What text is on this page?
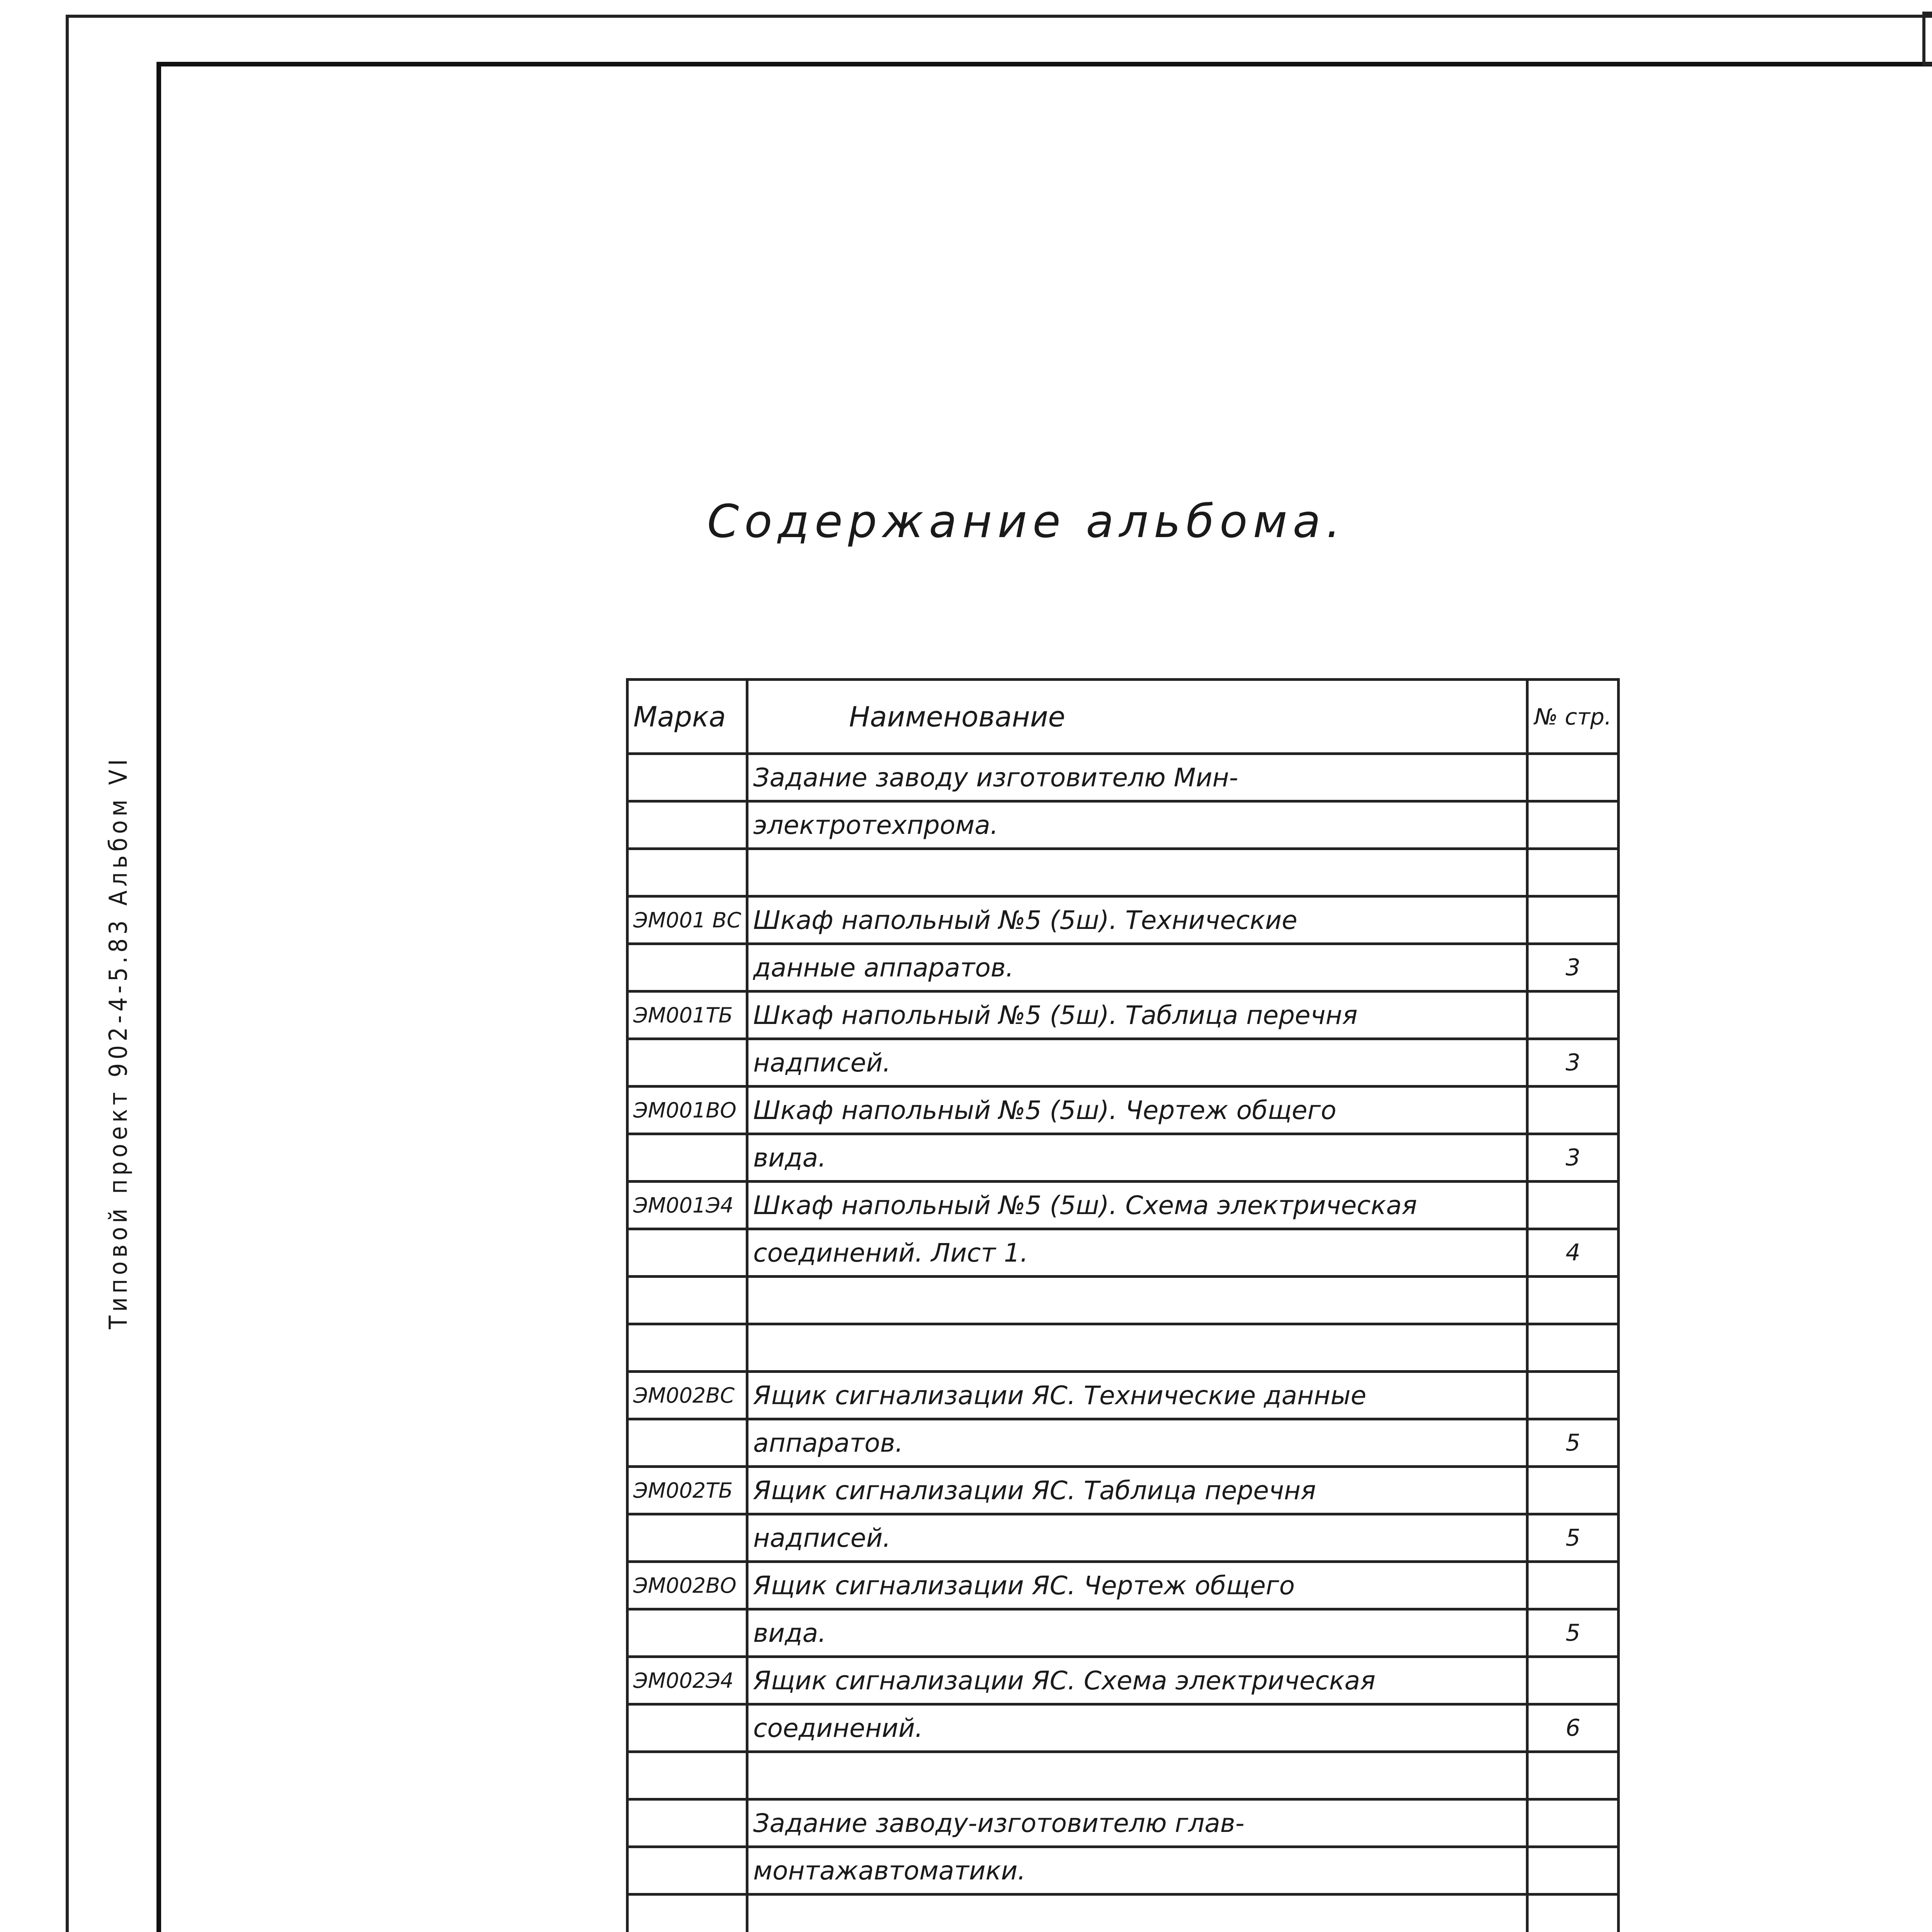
Типовой проект 902-4-5.83 Альбом VI
Содержание альбома.
Марка	Наименование	№ стр.
	Задание заводу изготовителю Мин-	
	электротехпрома.	

ЭМ001 ВС	Шкаф напольный №5 (5ш). Технические	
	данные аппаратов.	3
ЭМ001ТБ	Шкаф напольный №5 (5ш). Таблица перечня	
	надписей.	3
ЭМ001ВО	Шкаф напольный №5 (5ш). Чертеж общего	
	вида.	3
ЭМ001Э4	Шкаф напольный №5 (5ш). Схема электрическая	
	соединений. Лист 1.	4

ЭМ002ВС	Ящик сигнализации ЯС. Технические данные	
	аппаратов.	5
ЭМ002ТБ	Ящик сигнализации ЯС. Таблица перечня	
	надписей.	5
ЭМ002ВО	Ящик сигнализации ЯС. Чертеж общего	
	вида.	5
ЭМ002Э4	Ящик сигнализации ЯС. Схема электрическая	
	соединений.	6

	Задание заводу-изготовителю глав-	
	монтажавтоматики.	
